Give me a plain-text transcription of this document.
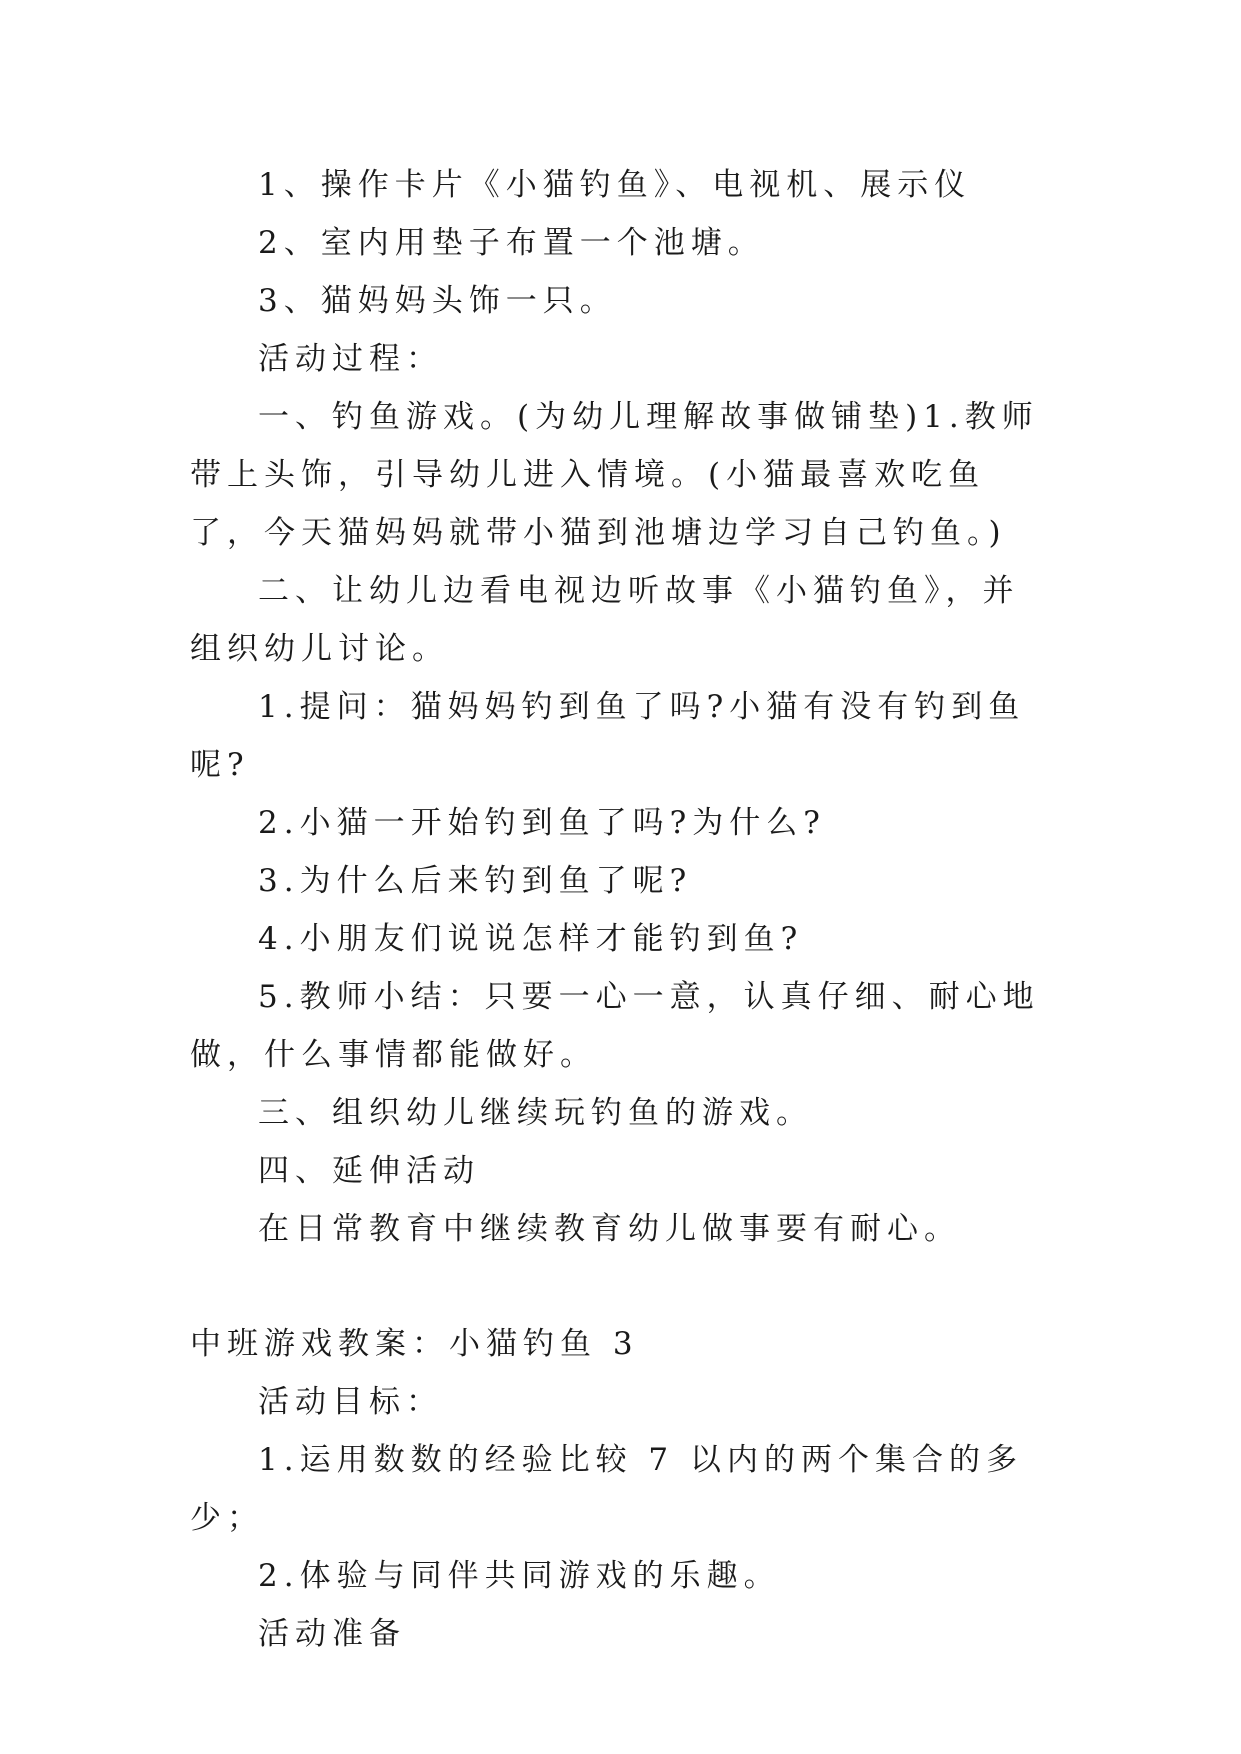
1、操作卡片《小猫钓鱼》、电视机、展示仪

2、室内用垫子布置一个池塘。

3、猫妈妈头饰一只。

活动过程：

一、钓鱼游戏。(为幼儿理解故事做铺垫)1.教师带上头饰，引导幼儿进入情境。(小猫最喜欢吃鱼了，今天猫妈妈就带小猫到池塘边学习自己钓鱼。)

二、让幼儿边看电视边听故事《小猫钓鱼》，并组织幼儿讨论。

1.提问：猫妈妈钓到鱼了吗?小猫有没有钓到鱼呢?

2.小猫一开始钓到鱼了吗?为什么?

3.为什么后来钓到鱼了呢?

4.小朋友们说说怎样才能钓到鱼?

5.教师小结：只要一心一意，认真仔细、耐心地做，什么事情都能做好。

三、组织幼儿继续玩钓鱼的游戏。

四、延伸活动

在日常教育中继续教育幼儿做事要有耐心。

中班游戏教案：小猫钓鱼 3

活动目标：

1.运用数数的经验比较 7 以内的两个集合的多少；

2.体验与同伴共同游戏的乐趣。

活动准备
